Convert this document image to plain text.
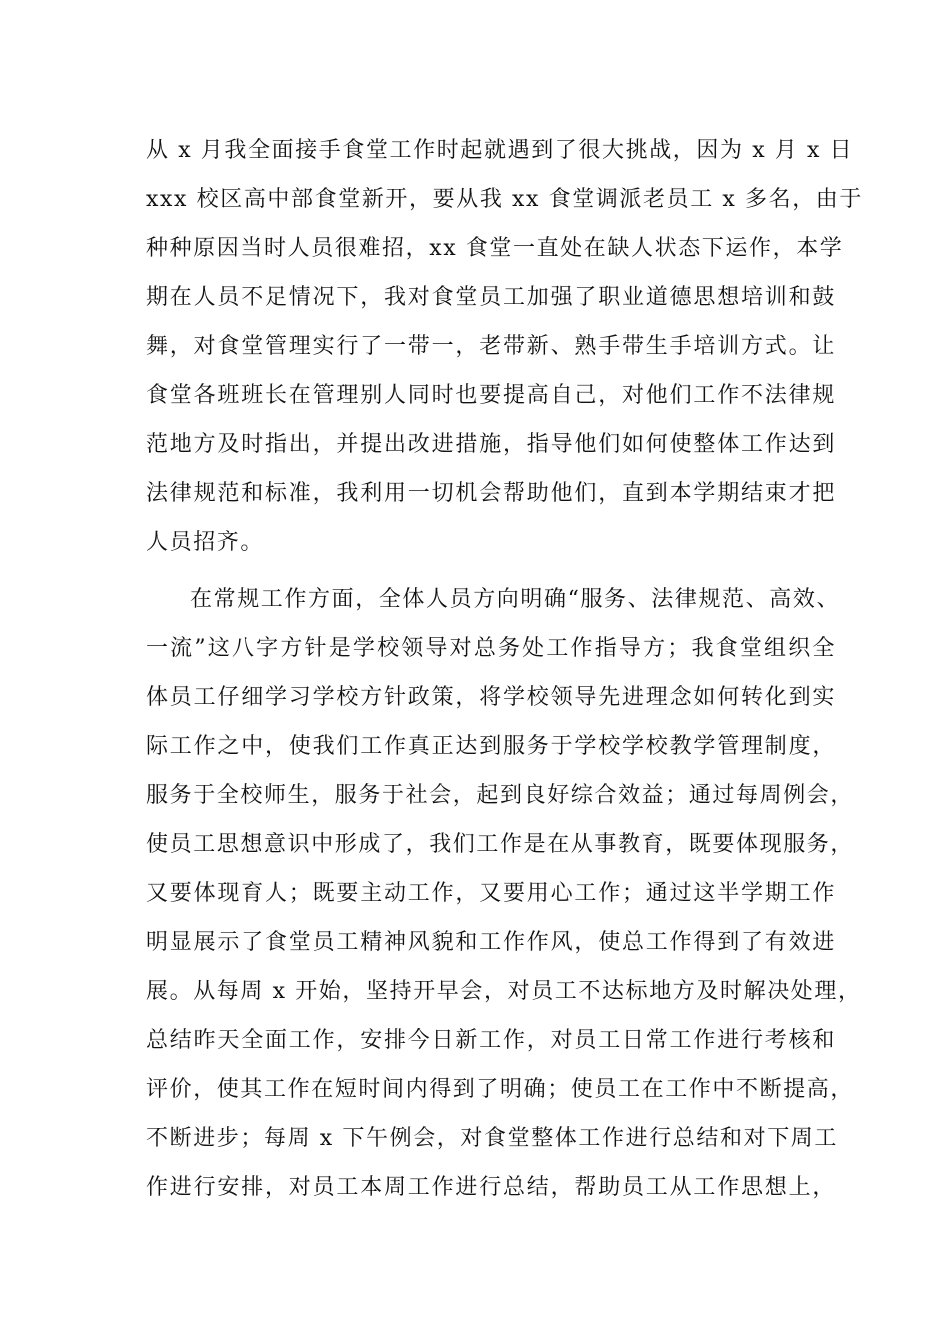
从 x 月我全面接手食堂工作时起就遇到了很大挑战，因为 x 月 x 日
xxx 校区高中部食堂新开，要从我 xx 食堂调派老员工 x 多名，由于
种种原因当时人员很难招，xx 食堂一直处在缺人状态下运作，本学
期在人员不足情况下，我对食堂员工加强了职业道德思想培训和鼓
舞，对食堂管理实行了一带一，老带新、熟手带生手培训方式。让
食堂各班班长在管理别人同时也要提高自己，对他们工作不法律规
范地方及时指出，并提出改进措施，指导他们如何使整体工作达到
法律规范和标准，我利用一切机会帮助他们，直到本学期结束才把
人员招齐。
在常规工作方面，全体人员方向明确“服务、法律规范、高效、
一流”这八字方针是学校领导对总务处工作指导方；我食堂组织全
体员工仔细学习学校方针政策，将学校领导先进理念如何转化到实
际工作之中，使我们工作真正达到服务于学校学校教学管理制度，
服务于全校师生，服务于社会，起到良好综合效益；通过每周例会，
使员工思想意识中形成了，我们工作是在从事教育，既要体现服务，
又要体现育人；既要主动工作，又要用心工作；通过这半学期工作
明显展示了食堂员工精神风貌和工作作风，使总工作得到了有效进
展。从每周 x 开始，坚持开早会，对员工不达标地方及时解决处理，
总结昨天全面工作，安排今日新工作，对员工日常工作进行考核和
评价，使其工作在短时间内得到了明确；使员工在工作中不断提高，
不断进步；每周 x 下午例会，对食堂整体工作进行总结和对下周工
作进行安排，对员工本周工作进行总结，帮助员工从工作思想上，
